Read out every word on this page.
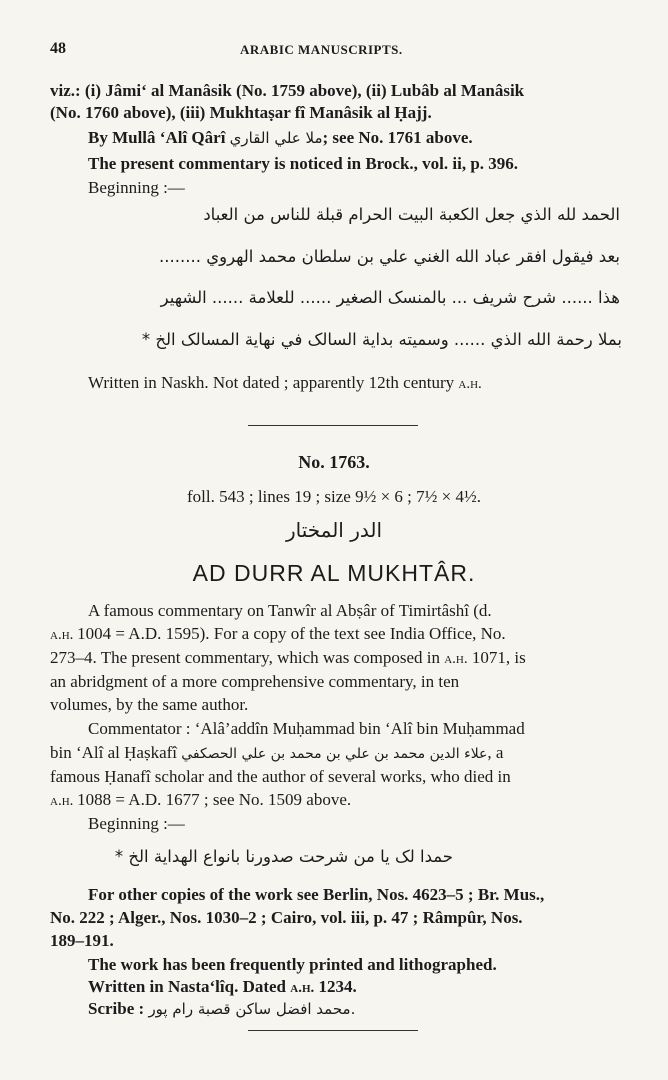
48	ARABIC MANUSCRIPTS.
viz.: (i) Jâmi‘ al Manâsik (No. 1759 above), (ii) Lubâb al Manâsik
(No. 1760 above), (iii) Mukhtaṣar fî Manâsik al Ḥajj.
By Mullâ ‘Alî Qârî ملا علي القاري; see No. 1761 above.
The present commentary is noticed in Brock., vol. ii, p. 396.
Beginning :—
الحمد لله الذي جعل الكعبة البيت الحرام قبلة للناس من العباد
بعد فيقول افقر عباد الله الغني علي بن سلطان محمد الهروي ........
هذا ...... شرح شريف ... بالمنسک الصغير ...... للعلامة ...... الشهير
بملا رحمة الله الذي ...... وسميته بداية السالک في نهاية المسالک الخ *
Written in Naskh. Not dated ; apparently 12th century a.h.
No. 1763.
foll. 543 ; lines 19 ; size 9½ × 6 ; 7½ × 4½.
الدر المختار
AD DURR AL MUKHTÂR.
A famous commentary on Tanwîr al Abṣâr of Timirtâshî (d.
a.h. 1004 = A.D. 1595). For a copy of the text see India Office, No.
273–4. The present commentary, which was composed in a.h. 1071, is
an abridgment of a more comprehensive commentary, in ten
volumes, by the same author.
Commentator : ‘Alâ’addîn Muḥammad bin ‘Alî bin Muḥammad
bin ‘Alî al Ḥaṣkafî علاء الدين محمد بن علي بن محمد بن علي الحصكفي, a
famous Ḥanafî scholar and the author of several works, who died in
a.h. 1088 = A.D. 1677 ; see No. 1509 above.
Beginning :—
حمدا لک يا من شرحت صدورنا بانواع الهداية الخ *
For other copies of the work see Berlin, Nos. 4623–5 ; Br. Mus.,
No. 222 ; Alger., Nos. 1030–2 ; Cairo, vol. iii, p. 47 ; Râmpûr, Nos.
189–191.
The work has been frequently printed and lithographed.
Written in Nasta‘lîq. Dated a.h. 1234.
Scribe : محمد افضل ساکن قصبة رام پور.
